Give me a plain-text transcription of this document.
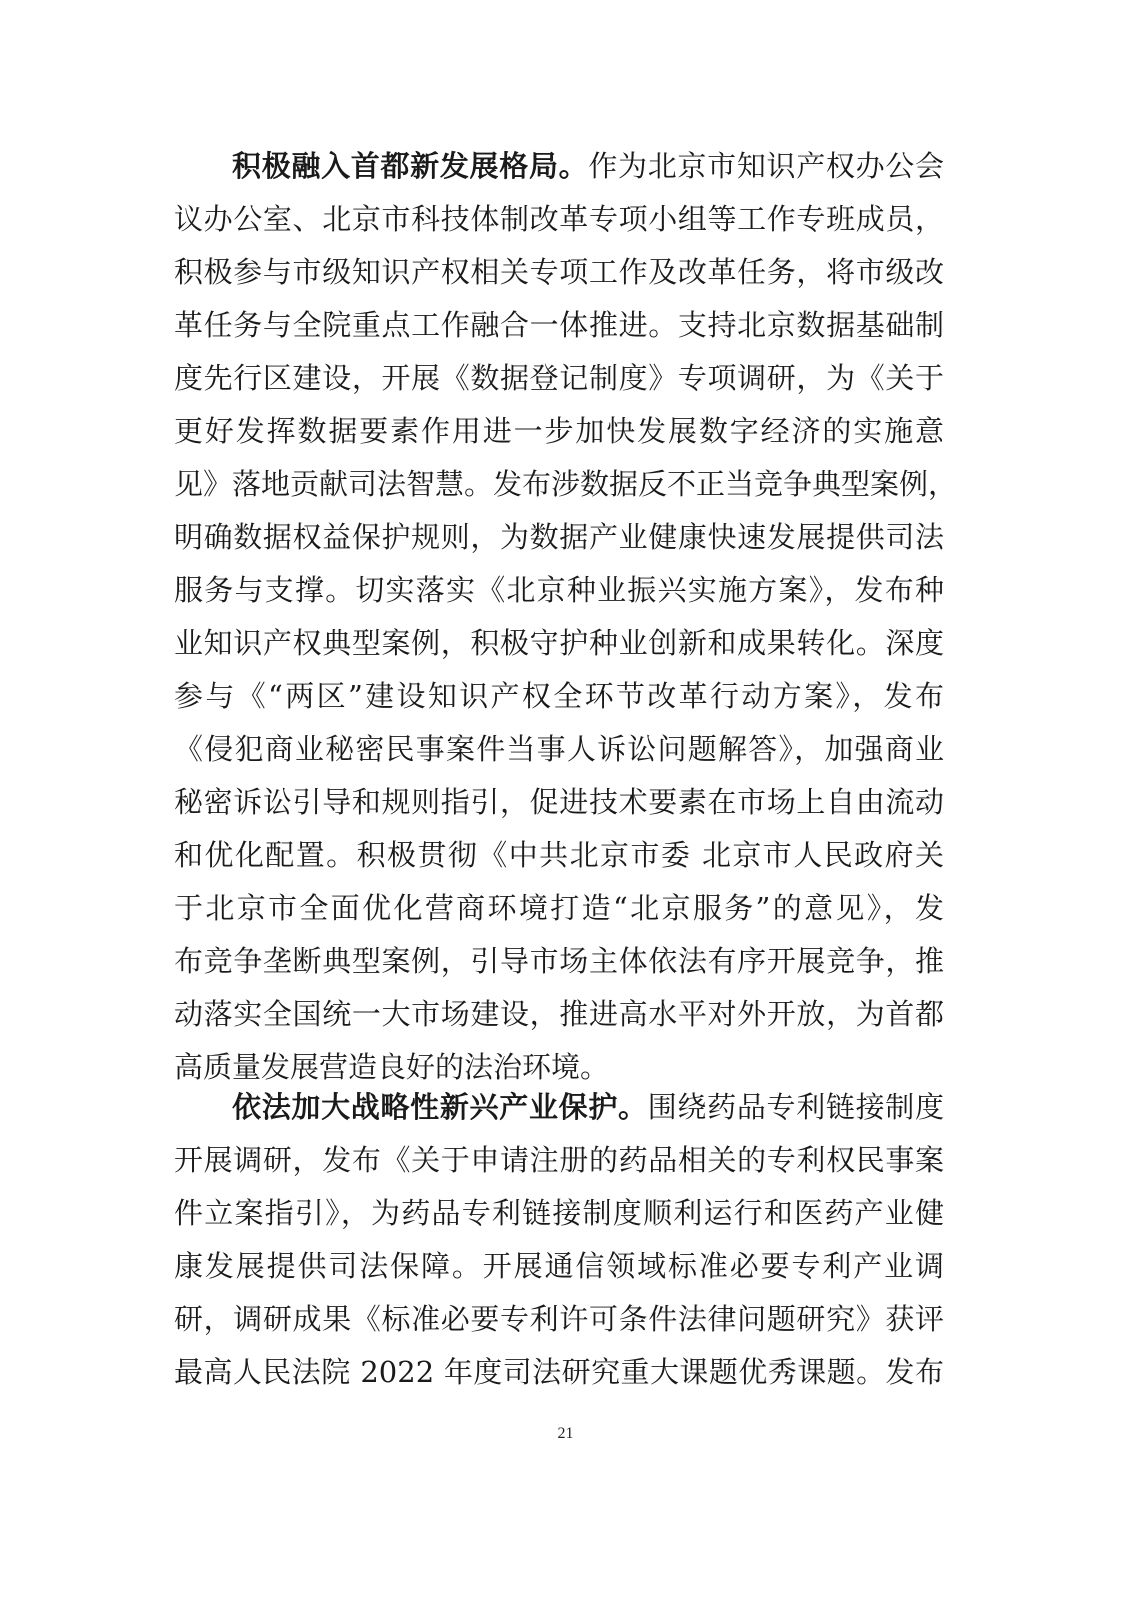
积极融入首都新发展格局。作为北京市知识产权办公会
议办公室、北京市科技体制改革专项小组等工作专班成员，
积极参与市级知识产权相关专项工作及改革任务，将市级改
革任务与全院重点工作融合一体推进。支持北京数据基础制
度先行区建设，开展《数据登记制度》专项调研，为《关于
更好发挥数据要素作用进一步加快发展数字经济的实施意
见》落地贡献司法智慧。发布涉数据反不正当竞争典型案例，
明确数据权益保护规则，为数据产业健康快速发展提供司法
服务与支撑。切实落实《北京种业振兴实施方案》，发布种
业知识产权典型案例，积极守护种业创新和成果转化。深度
参与《“两区”建设知识产权全环节改革行动方案》，发布
《侵犯商业秘密民事案件当事人诉讼问题解答》，加强商业
秘密诉讼引导和规则指引，促进技术要素在市场上自由流动
和优化配置。积极贯彻《中共北京市委 北京市人民政府关
于北京市全面优化营商环境打造“北京服务”的意见》，发
布竞争垄断典型案例，引导市场主体依法有序开展竞争，推
动落实全国统一大市场建设，推进高水平对外开放，为首都
高质量发展营造良好的法治环境。
依法加大战略性新兴产业保护。围绕药品专利链接制度
开展调研，发布《关于申请注册的药品相关的专利权民事案
件立案指引》，为药品专利链接制度顺利运行和医药产业健
康发展提供司法保障。开展通信领域标准必要专利产业调
研，调研成果《标准必要专利许可条件法律问题研究》获评
最高人民法院 2022 年度司法研究重大课题优秀课题。发布
21
